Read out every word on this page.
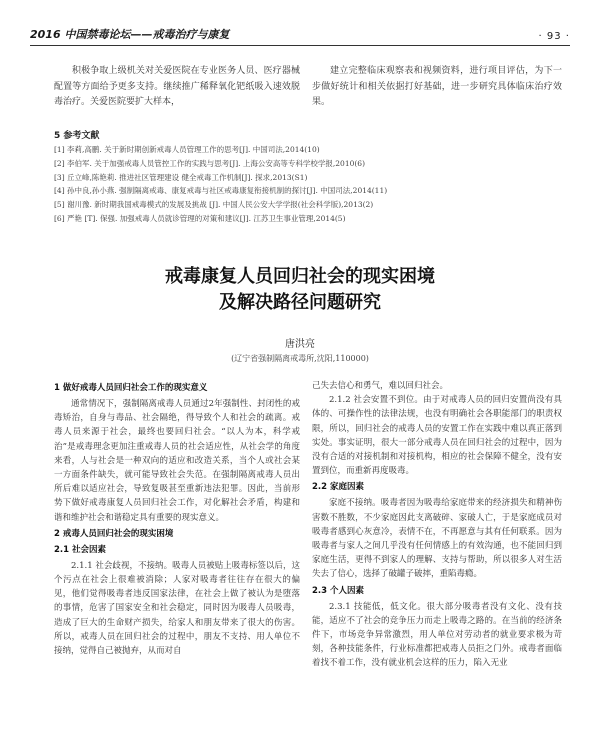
2016 中国禁毒论坛——戒毒治疗与康复	· 93 ·

积极争取上级机关对关爱医院在专业医务人员、医疗器械配置等方面给予更多支持。继续推广稀释氧化钯纸吸入速效脱毒治疗。关爱医院要扩大样本，

建立完整临床观察表和视频资料，进行项目评估，为下一步做好统计和相关依据打好基础，进一步研究具体临床治疗效果。

5 参考文献
[1] 李莉,高鹏. 关于新时期创新戒毒人员管理工作的思考[J]. 中国司法,2014(10)
[2] 李伯军. 关于加强戒毒人员管控工作的实践与思考[J]. 上海公安高等专科学校学报,2010(6)
[3] 丘立峰,陈艳莉. 推进社区管理建设 健全戒毒工作机制[J]. 探求,2013(S1)
[4] 孙中良,孙小燕. 强制隔离戒毒、康复戒毒与社区戒毒康复衔接机制的探讨[J]. 中国司法,2014(11)
[5] 谢川豫. 新时期我国戒毒模式的发展及挑战 [J]. 中国人民公安大学学报(社会科学版),2013(2)
[6] 严艳 [T]. 保强. 加强戒毒人员就诊管理的对策和建议[J]. 江苏卫生事业管理,2014(5)
戒毒康复人员回归社会的现实困境
及解决路径问题研究
唐洪亮
(辽宁省强制隔离戒毒所,沈阳,110000)
1 做好戒毒人员回归社会工作的现实意义

通常情况下，强制隔离戒毒人员通过2年强制性、封闭性的戒毒矫治，自身与毒品、社会隔绝，得导致个人和社会的疏离。戒毒人员来源于社会，最终也要回归社会。“以人为本，科学戒治”是戒毒理念更加注重戒毒人员的社会适应性，从社会学的角度来看，人与社会是一种双向的适应和改造关系，当个人或社会某一方面条件缺失，就可能导致社会失范。在强制隔离戒毒人员出所后难以适应社会，导致复吸甚至重新违法犯罪。因此，当前形势下做好戒毒康复人员回归社会工作，对化解社会矛盾，构建和谐和维护社会和谐稳定具有重要的现实意义。

2 戒毒人员回归社会的现实困境
2.1 社会因素

2.1.1 社会歧视，不接纳。吸毒人员被贴上吸毒标签以后，这个污点在社会上很难被消除；人家对吸毒者往往存在很大的偏见，他们觉得吸毒者违反国家法律，在社会上做了被认为是堕落的事情，危害了国家安全和社会稳定，同时因为吸毒人员吸毒，造成了巨大的生命财产损失，给家人和朋友带来了很大的伤害。所以，戒毒人员在回归社会的过程中，朋友不支持、用人单位不接纳，觉得自己被抛弃，从而对自

己失去信心和勇气，难以回归社会。

2.1.2 社会安置不到位。由于对戒毒人员的回归安置尚没有具体的、可操作性的法律法规，也没有明确社会各职能部门的职责权限，所以，回归社会的戒毒人员的安置工作在实践中难以真正落到实处。事实证明，很大一部分戒毒人员在回归社会的过程中，因为没有合适的对接机制和对接机构，相应的社会保障不健全，没有安置到位，而重新再度吸毒。

2.2 家庭因素

家庭不接纳。吸毒者因为吸毒给家庭带来的经济损失和精神伤害数不胜数，不少家庭因此支离破碎、家破人亡，于是家庭成员对吸毒者感到心灰意冷，表情不在，不再愿意与其有任何联系。因为吸毒者与家人之间几乎没有任何情感上的有效沟通，也不能回归到家庭生活，更得不到家人的理解、支持与帮助，所以很多人对生活失去了信心，选择了破罐子破摔，重陷毒瘾。

2.3 个人因素

2.3.1 技能低，低文化。很大部分吸毒者没有文化、没有技能，适应不了社会的竞争压力而走上吸毒之路的。在当前的经济条件下，市场竞争异常激烈，用人单位对劳动者的就业要求极为苛刻，各种技能条件，行业标准都把戒毒人员拒之门外。戒毒者面临着找不着工作，没有就业机会这样的压力，陷入无业
